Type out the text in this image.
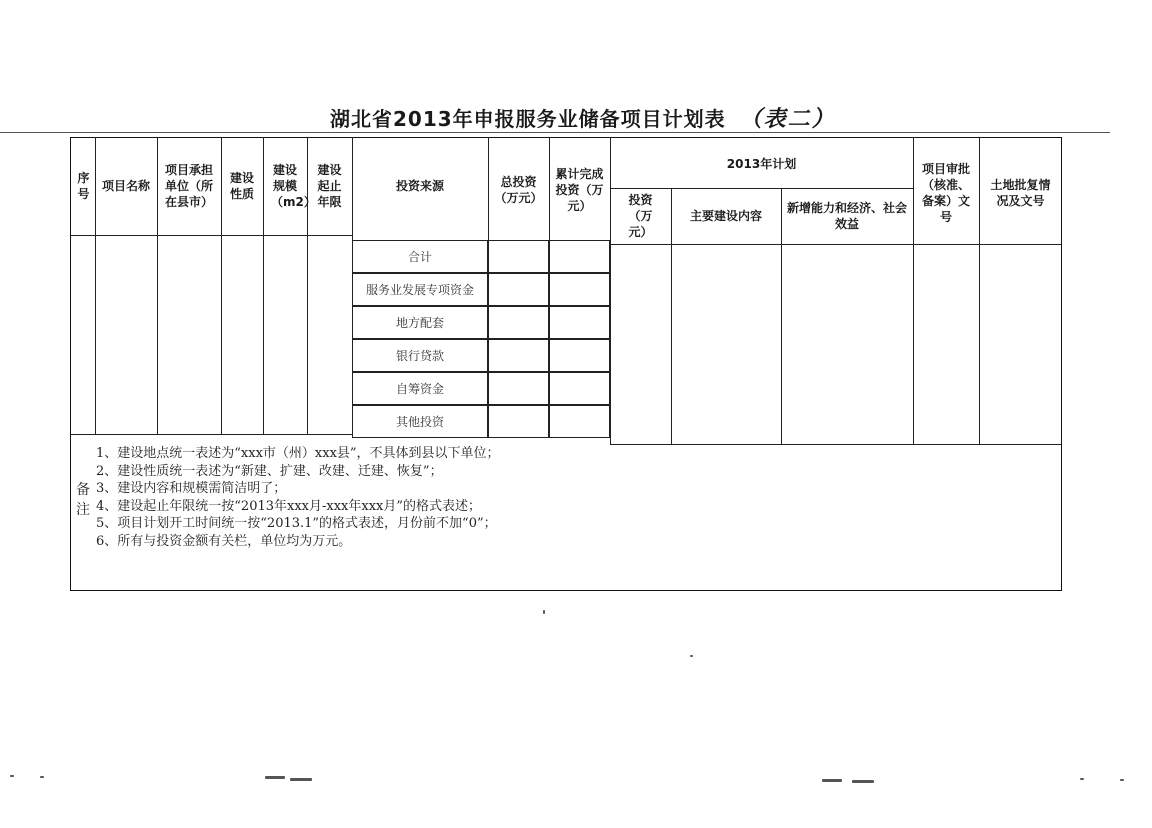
湖北省2013年申报服务业储备项目计划表 （表二）
序号
项目名称
项目承担单位（所在县市）
建设性质
建设规模（m2）
建设起止年限
投资来源	总投资（万元）
累计完成投资（万元）
2013年计划
投资（万元）
主要建设内容
新增能力和经济、社会效益
项目审批（核准、备案）文号
土地批复情况及文号
合计
服务业发展专项资金
地方配套
银行贷款
自筹资金
其他投资
备注
1、建设地点统一表述为“xxx市（州）xxx县”，不具体到县以下单位；
2、建设性质统一表述为“新建、扩建、改建、迁建、恢复”；
3、建设内容和规模需简洁明了；
4、建设起止年限统一按“2013年xxx月-xxx年xxx月”的格式表述；
5、项目计划开工时间统一按“2013.1”的格式表述，月份前不加“0”；
6、所有与投资金额有关栏，单位均为万元。
